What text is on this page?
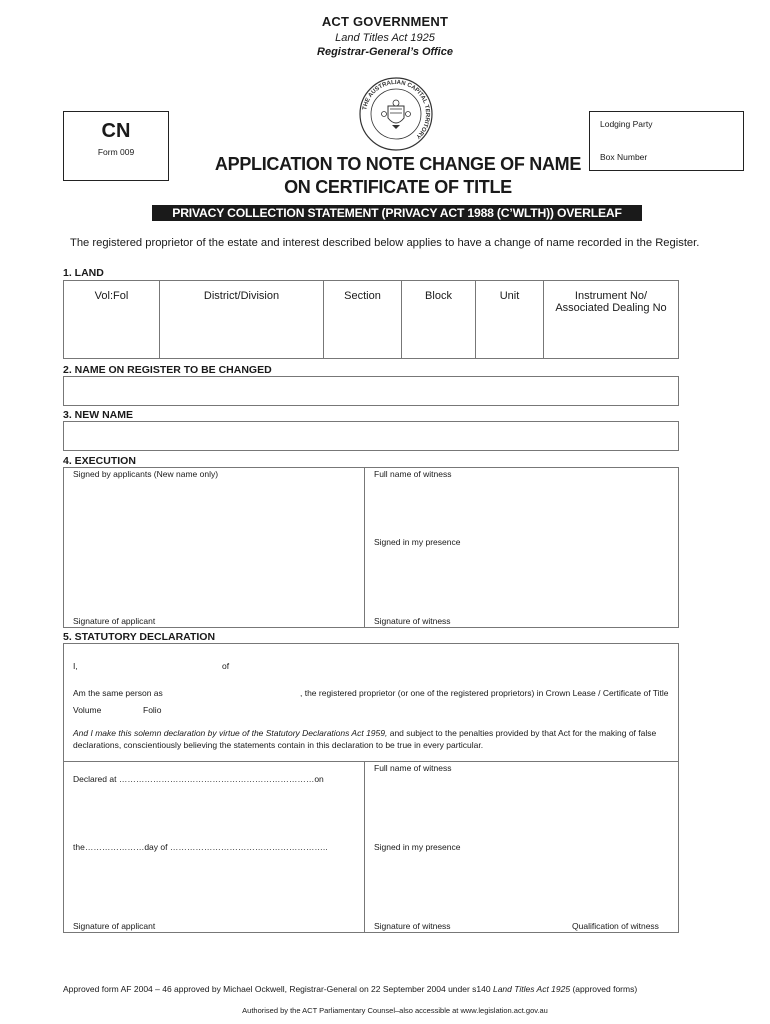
ACT GOVERNMENT
Land Titles Act 1925
Registrar-General’s Office
THE AUSTRALIAN CAPITAL TERRITORY
CN
Form 009
Lodging Party
Box Number
APPLICATION TO NOTE CHANGE OF NAME
ON CERTIFICATE OF TITLE
PRIVACY COLLECTION STATEMENT (PRIVACY ACT 1988 (C’WLTH)) OVERLEAF
The registered proprietor of the estate and interest described below applies to have a change of name recorded in the Register.
1. LAND
Vol:Fol	District/Division	Section	Block	Unit	Instrument No/
Associated Dealing No
2. NAME ON REGISTER TO BE CHANGED
3. NEW NAME
4. EXECUTION
Signed by applicants (New name only)	Full name of witness
Signed in my presence
Signature of applicant	Signature of witness
5. STATUTORY DECLARATION
I,	of
Am the same person as	, the registered proprietor (or one of the registered proprietors) in Crown Lease / Certificate of Title
Volume	Folio
And I make this solemn declaration by virtue of the Statutory Declarations Act 1959, and subject to the penalties provided by that Act for the making of false
declarations, conscientiously believing the statements contain in this declaration to be true in every particular.
Full name of witness
Declared at ……………………………………………………………on
the…………………day of ………………………………………………..	Signed in my presence
Signature of applicant	Signature of witness	Qualification of witness
Approved form AF 2004 – 46 approved by Michael Ockwell, Registrar-General on 22 September 2004 under s140 Land Titles Act 1925 (approved forms)
Authorised by the ACT Parliamentary Counsel–also accessible at www.legislation.act.gov.au
